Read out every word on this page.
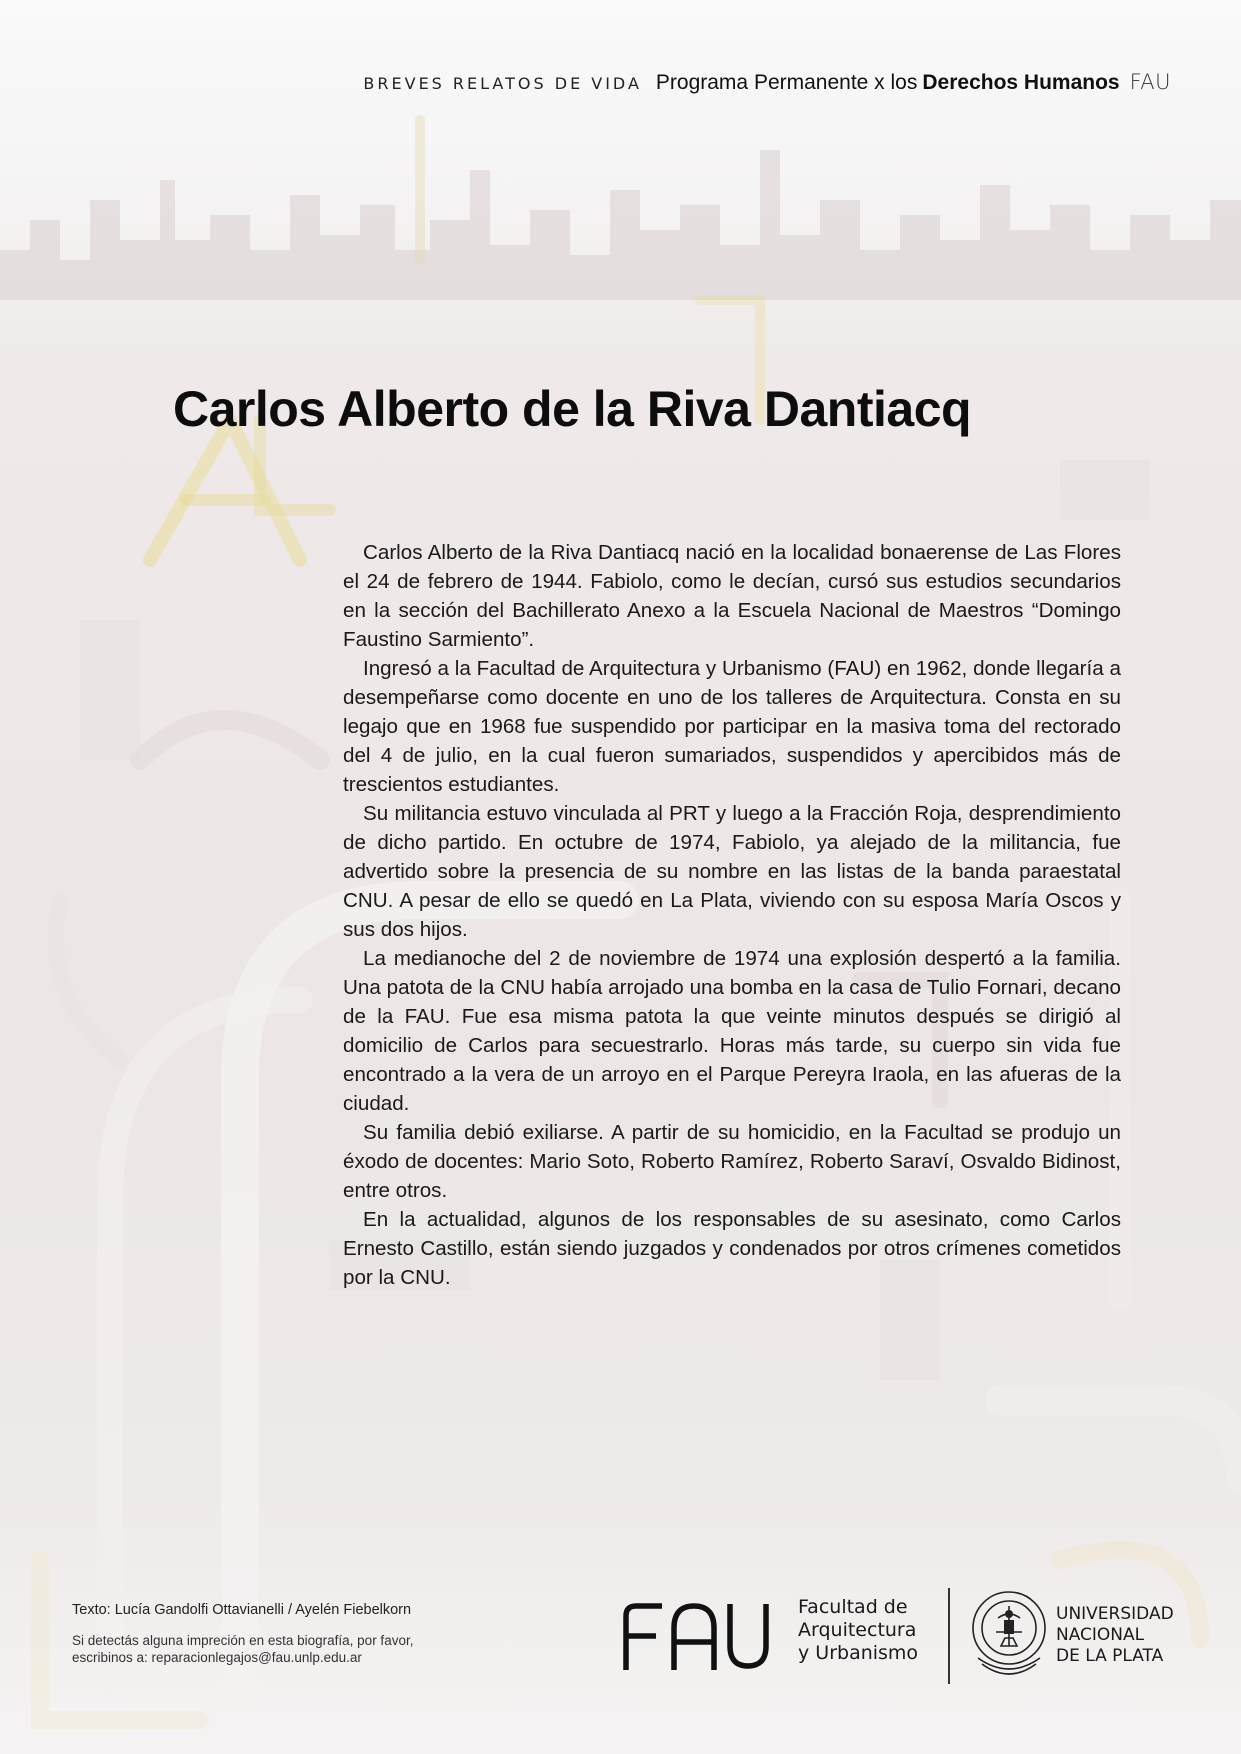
BREVES RELATOS DE VIDA Programa Permanente x los Derechos Humanos FAU
Carlos Alberto de la Riva Dantiacq

Carlos Alberto de la Riva Dantiacq nació en la localidad bonaerense de Las Flores el 24 de febrero de 1944. Fabiolo, como le decían, cursó sus estudios secundarios en la sección del Bachillerato Anexo a la Escuela Nacional de Maestros “Domingo Faustino Sarmiento”.

Ingresó a la Facultad de Arquitectura y Urbanismo (FAU) en 1962, donde llegaría a desempeñarse como docente en uno de los talleres de Arquitectura. Consta en su legajo que en 1968 fue suspendido por participar en la masiva toma del rectorado del 4 de julio, en la cual fueron sumariados, suspendidos y apercibidos más de trescientos estudiantes.

Su militancia estuvo vinculada al PRT y luego a la Fracción Roja, desprendimiento de dicho partido. En octubre de 1974, Fabiolo, ya alejado de la militancia, fue advertido sobre la presencia de su nombre en las listas de la banda paraestatal CNU. A pesar de ello se quedó en La Plata, viviendo con su esposa María Oscos y sus dos hijos.

La medianoche del 2 de noviembre de 1974 una explosión despertó a la familia. Una patota de la CNU había arrojado una bomba en la casa de Tulio Fornari, decano de la FAU. Fue esa misma patota la que veinte minutos después se dirigió al domicilio de Carlos para secuestrarlo. Horas más tarde, su cuerpo sin vida fue encontrado a la vera de un arroyo en el Parque Pereyra Iraola, en las afueras de la ciudad.

Su familia debió exiliarse. A partir de su homicidio, en la Facultad se produjo un éxodo de docentes: Mario Soto, Roberto Ramírez, Roberto Saraví, Osvaldo Bidinost, entre otros.

En la actualidad, algunos de los responsables de su asesinato, como Carlos Ernesto Castillo, están siendo juzgados y condenados por otros crímenes cometidos por la CNU.

Texto: Lucía Gandolfi Ottavianelli / Ayelén Fiebelkorn

Si detectás alguna impreción en esta biografía, por favor,
escribinos a: reparacionlegajos@fau.unlp.edu.ar
Facultad de
Arquitectura
y Urbanismo
UNIVERSIDAD
NACIONAL
DE LA PLATA
